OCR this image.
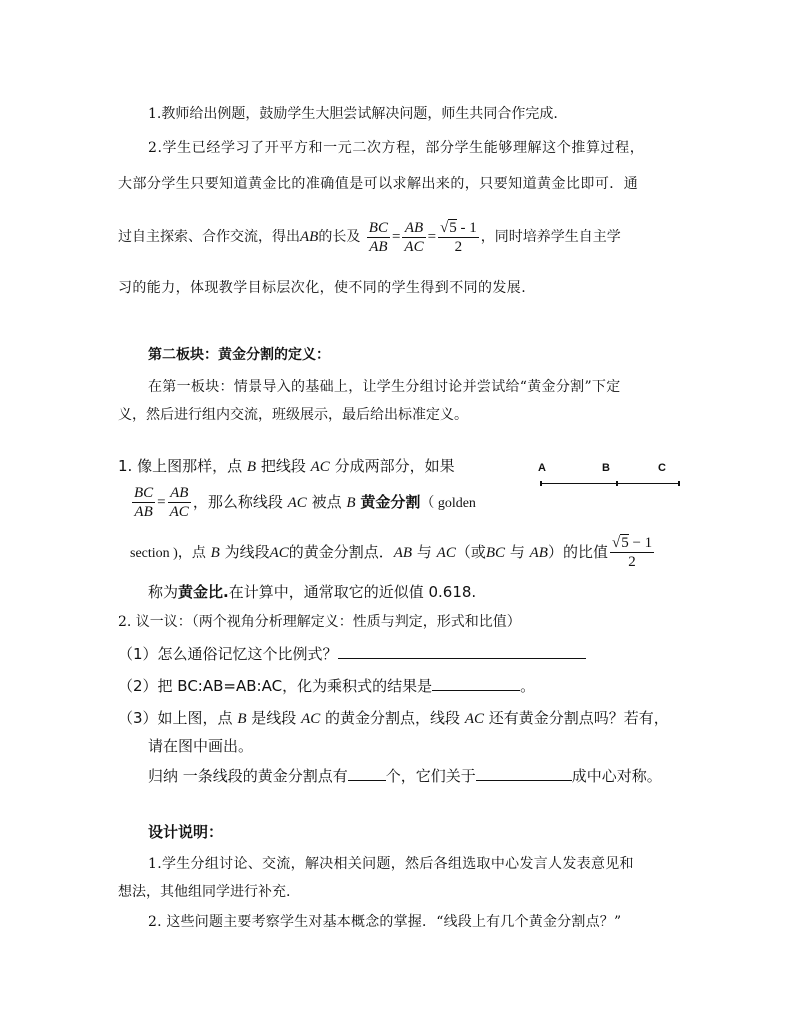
1.教师给出例题，鼓励学生大胆尝试解决问题，师生共同合作完成.
2.学生已经学习了开平方和一元二次方程，部分学生能够理解这个推算过程，
大部分学生只要知道黄金比的准确值是可以求解出来的，只要知道黄金比即可．通
过自主探索、合作交流，得出AB的长及 $\frac{BC}{AB} = \frac{AB}{AC} = \frac{√5 - 1}{2}$ ，同时培养学生自主学
习的能力，体现教学目标层次化，使不同的学生得到不同的发展.
第二板块：黄金分割的定义：
在第一板块：情景导入的基础上，让学生分组讨论并尝试给“黄金分割”下定
义，然后进行组内交流，班级展示，最后给出标准定义。
1. 像上图那样，点 B 把线段 AC 分成两部分，如果
$\frac{BC}{AB} = \frac{AB}{AC}$ ，那么称线段 AC 被点 B 黄金分割（ golden
A	B	C
section )，点 B 为线段AC的黄金分割点．AB 与 AC（或BC 与 AB）的比值 $\frac{√5 - 1}{2}$
称为黄金比.在计算中，通常取它的近似值 0.618.
2. 议一议：（两个视角分析理解定义：性质与判定，形式和比值）
（1）怎么通俗记忆这个比例式？
（2）把 BC:AB=AB:AC，化为乘积式的结果是	。
（3）如上图，点 B 是线段 AC 的黄金分割点，线段 AC 还有黄金分割点吗？若有，
请在图中画出。
归纳 一条线段的黄金分割点有	个，它们关于	成中心对称。
设计说明：
1.学生分组讨论、交流，解决相关问题，然后各组选取中心发言人发表意见和
想法，其他组同学进行补充.
2. 这些问题主要考察学生对基本概念的掌握．“线段上有几个黄金分割点？”
